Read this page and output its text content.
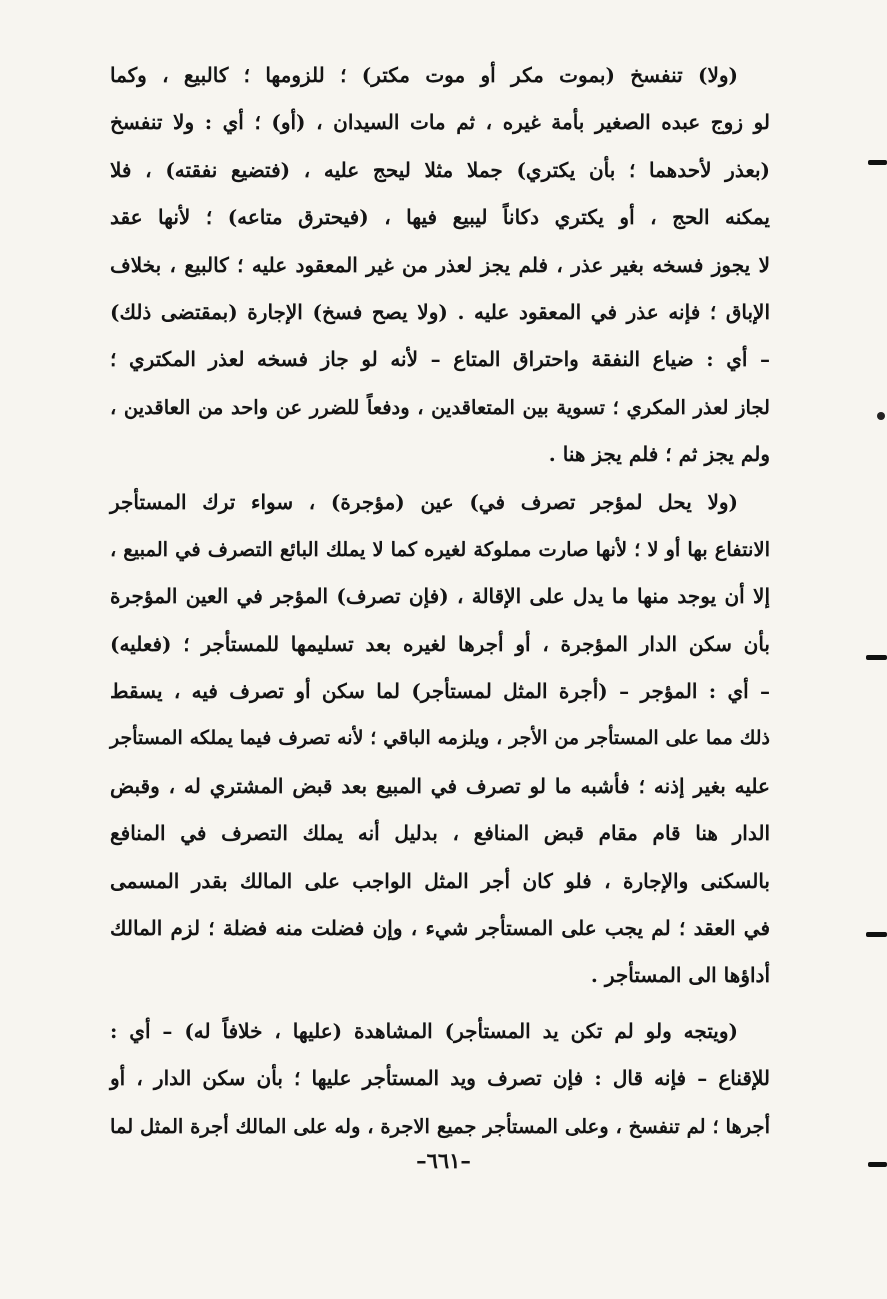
(ولا) تنفسخ (بموت مكر أو موت مكتر) ؛ للزومها ؛ كالبيع ، وكما
لو زوج عبده الصغير بأمة غيره ، ثم مات السيدان ، (أو) ؛ أي : ولا تنفسخ
(بعذر لأحدهما ؛ بأن يكتري) جملا مثلا ليحج عليه ، (فتضيع نفقته) ، فلا
يمكنه الحج ، أو يكتري دكاناً ليبيع فيها ، (فيحترق متاعه) ؛ لأنها عقد
لا يجوز فسخه بغير عذر ، فلم يجز لعذر من غير المعقود عليه ؛ كالبيع ، بخلاف
الإباق ؛ فإنه عذر في المعقود عليه . (ولا يصح فسخ) الإجارة (بمقتضى ذلك)
– أي : ضياع النفقة واحتراق المتاع – لأنه لو جاز فسخه لعذر المكتري ؛
لجاز لعذر المكري ؛ تسوية بين المتعاقدين ، ودفعاً للضرر عن واحد من العاقدين ،
ولم يجز ثم ؛ فلم يجز هنا .
(ولا يحل لمؤجر تصرف في) عين (مؤجرة) ، سواء ترك المستأجر
الانتفاع بها أو لا ؛ لأنها صارت مملوكة لغيره كما لا يملك البائع التصرف في المبيع ،
إلا أن يوجد منها ما يدل على الإقالة ، (فإن تصرف) المؤجر في العين المؤجرة
بأن سكن الدار المؤجرة ، أو أجرها لغيره بعد تسليمها للمستأجر ؛ (فعليه)
– أي : المؤجر – (أجرة المثل لمستأجر) لما سكن أو تصرف فيه ، يسقط
ذلك مما على المستأجر من الأجر ، ويلزمه الباقي ؛ لأنه تصرف فيما يملكه المستأجر
عليه بغير إذنه ؛ فأشبه ما لو تصرف في المبيع بعد قبض المشتري له ، وقبض
الدار هنا قام مقام قبض المنافع ، بدليل أنه يملك التصرف في المنافع
بالسكنى والإجارة ، فلو كان أجر المثل الواجب على المالك بقدر المسمى
في العقد ؛ لم يجب على المستأجر شيء ، وإن فضلت منه فضلة ؛ لزم المالك
أداؤها الى المستأجر .
(ويتجه ولو لم تكن يد المستأجر) المشاهدة (عليها ، خلافاً له) – أي :
للإقناع – فإنه قال : فإن تصرف ويد المستأجر عليها ؛ بأن سكن الدار ، أو
أجرها ؛ لم تنفسخ ، وعلى المستأجر جميع الاجرة ، وله على المالك أجرة المثل لما
–٦٦١–
